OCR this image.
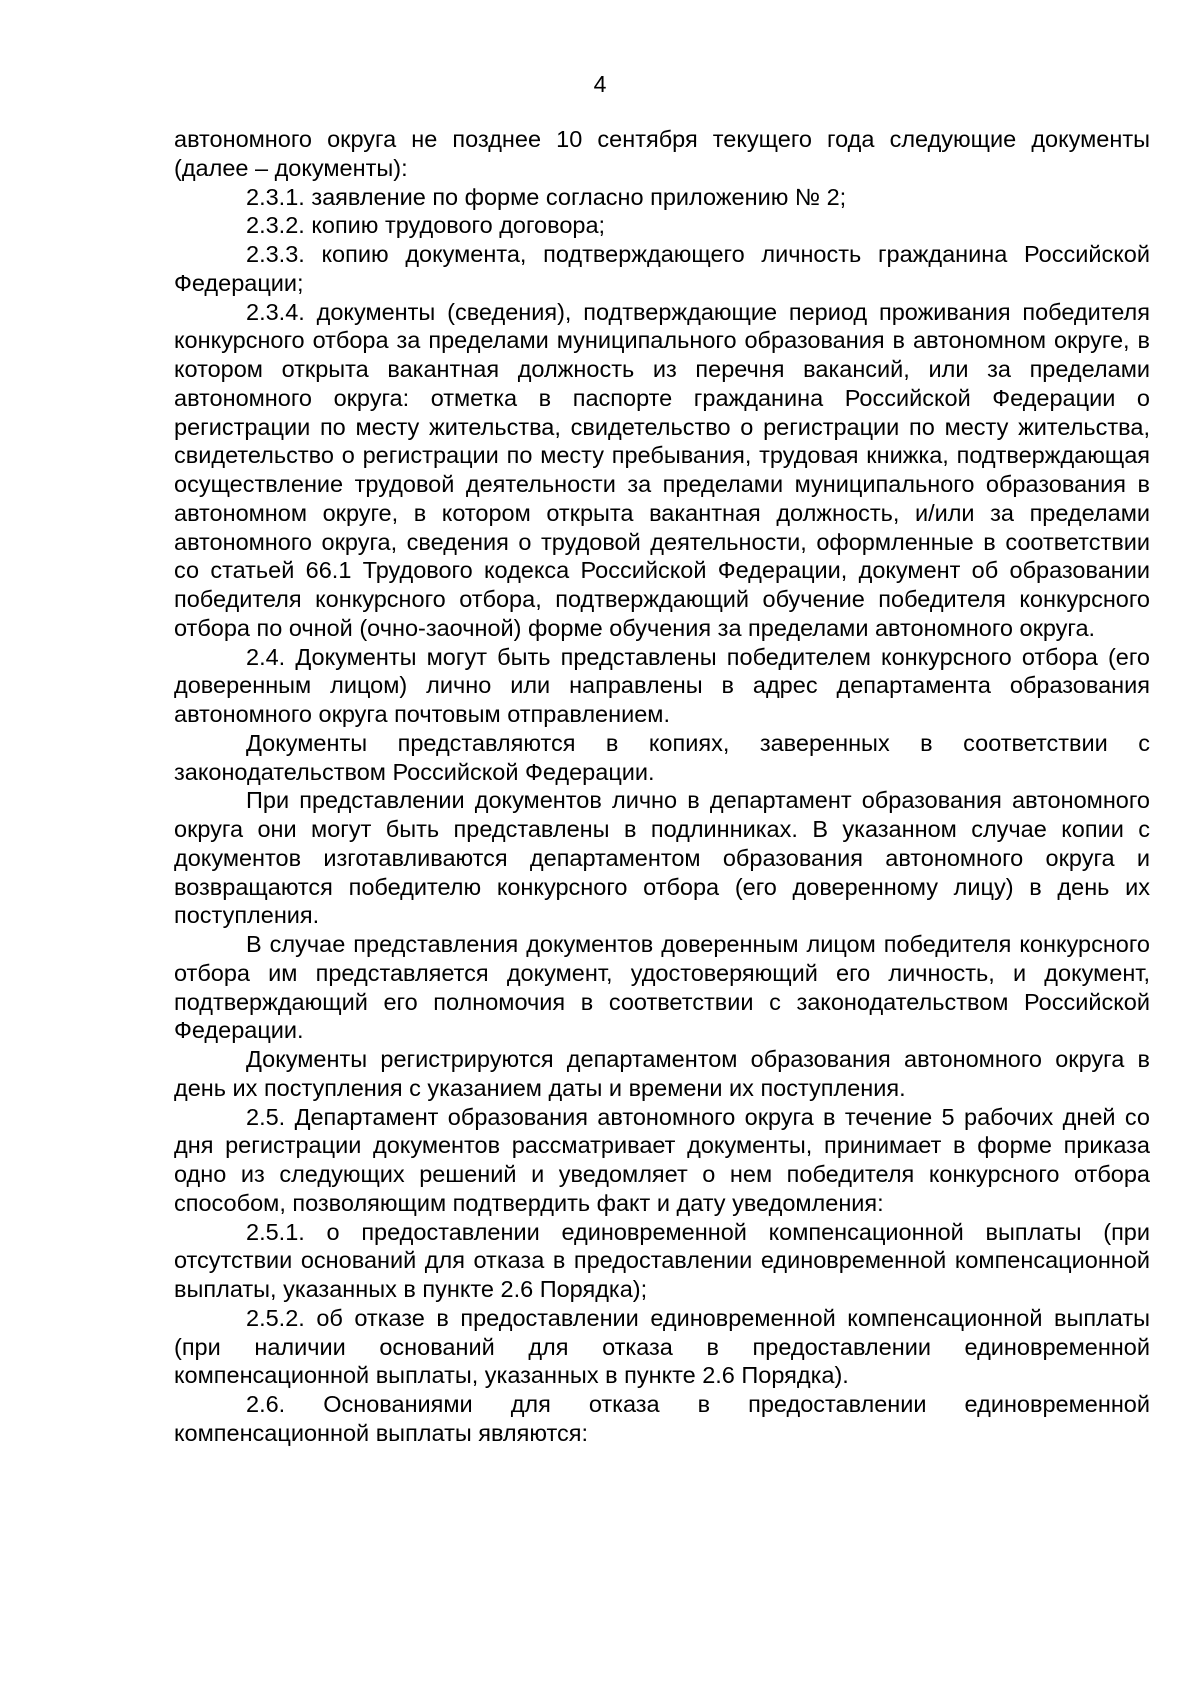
4

автономного округа не позднее 10 сентября текущего года следующие документы (далее – документы):

2.3.1. заявление по форме согласно приложению № 2;

2.3.2. копию трудового договора;

2.3.3. копию документа, подтверждающего личность гражданина Российской Федерации;

2.3.4. документы (сведения), подтверждающие период проживания победителя конкурсного отбора за пределами муниципального образования в автономном округе, в котором открыта вакантная должность из перечня вакансий, или за пределами автономного округа: отметка в паспорте гражданина Российской Федерации о регистрации по месту жительства, свидетельство о регистрации по месту жительства, свидетельство о регистрации по месту пребывания, трудовая книжка, подтверждающая осуществление трудовой деятельности за пределами муниципального образования в автономном округе, в котором открыта вакантная должность, и/или за пределами автономного округа, сведения о трудовой деятельности, оформленные в соответствии со статьей 66.1 Трудового кодекса Российской Федерации, документ об образовании победителя конкурсного отбора, подтверждающий обучение победителя конкурсного отбора по очной (очно-заочной) форме обучения за пределами автономного округа.

2.4. Документы могут быть представлены победителем конкурсного отбора (его доверенным лицом) лично или направлены в адрес департамента образования автономного округа почтовым отправлением.

Документы представляются в копиях, заверенных в соответствии с законодательством Российской Федерации.

При представлении документов лично в департамент образования автономного округа они могут быть представлены в подлинниках. В указанном случае копии с документов изготавливаются департаментом образования автономного округа и возвращаются победителю конкурсного отбора (его доверенному лицу) в день их поступления.

В случае представления документов доверенным лицом победителя конкурсного отбора им представляется документ, удостоверяющий его личность, и документ, подтверждающий его полномочия в соответствии с законодательством Российской Федерации.

Документы регистрируются департаментом образования автономного округа в день их поступления с указанием даты и времени их поступления.

2.5. Департамент образования автономного округа в течение 5 рабочих дней со дня регистрации документов рассматривает документы, принимает в форме приказа одно из следующих решений и уведомляет о нем победителя конкурсного отбора способом, позволяющим подтвердить факт и дату уведомления:

2.5.1. о предоставлении единовременной компенсационной выплаты (при отсутствии оснований для отказа в предоставлении единовременной компенсационной выплаты, указанных в пункте 2.6 Порядка);

2.5.2. об отказе в предоставлении единовременной компенсационной выплаты (при наличии оснований для отказа в предоставлении единовременной компенсационной выплаты, указанных в пункте 2.6 Порядка).

2.6. Основаниями для отказа в предоставлении единовременной компенсационной выплаты являются:
